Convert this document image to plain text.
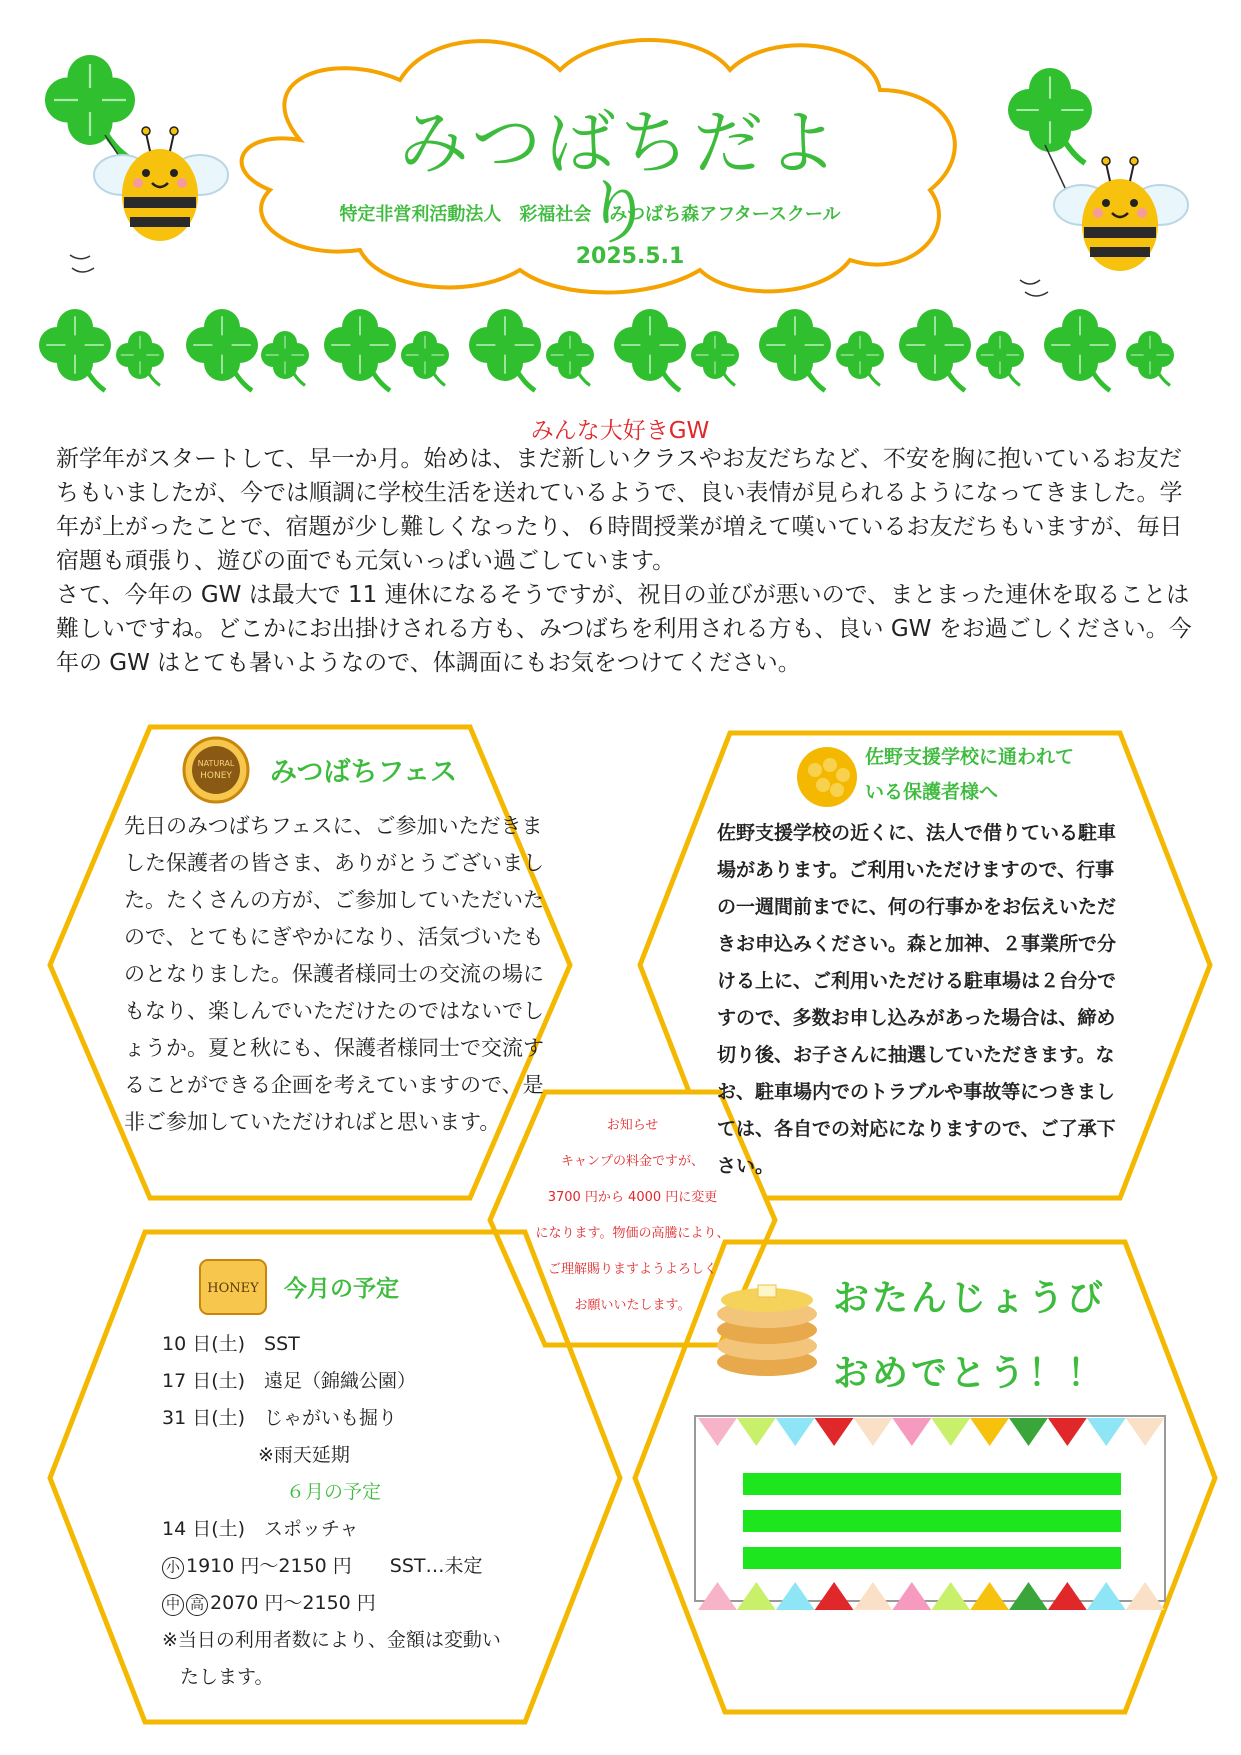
NATURAL
HONEY
HONEY
みつばちだより
特定非営利活動法人　彩福社会　みつばち森アフタースクール
2025.5.1
みんな大好きGW

新学年がスタートして、早一か月。始めは、まだ新しいクラスやお友だちなど、不安を胸に抱いているお友だちもいましたが、今では順調に学校生活を送れているようで、良い表情が見られるようになってきました。学年が上がったことで、宿題が少し難しくなったり、６時間授業が増えて嘆いているお友だちもいますが、毎日宿題も頑張り、遊びの面でも元気いっぱい過ごしています。

さて、今年の GW は最大で 11 連休になるそうですが、祝日の並びが悪いので、まとまった連休を取ることは難しいですね。どこかにお出掛けされる方も、みつばちを利用される方も、良い GW をお過ごしください。今年の GW はとても暑いようなので、体調面にもお気をつけてください。

みつばちフェス
先日のみつばちフェスに、ご参加いただきました保護者の皆さま、ありがとうございました。たくさんの方が、ご参加していただいたので、とてもにぎやかになり、活気づいたものとなりました。保護者様同士の交流の場にもなり、楽しんでいただけたのではないでしょうか。夏と秋にも、保護者様同士で交流することができる企画を考えていますので、是非ご参加していただければと思います。
佐野支援学校に通われて
いる保護者様へ
佐野支援学校の近くに、法人で借りている駐車場があります。ご利用いただけますので、行事の一週間前までに、何の行事かをお伝えいただきお申込みください。森と加神、２事業所で分ける上に、ご利用いただける駐車場は２台分ですので、多数お申し込みがあった場合は、締め切り後、お子さんに抽選していただきます。なお、駐車場内でのトラブルや事故等につきましては、各自での対応になりますので、ご了承下さい。
お知らせ
キャンプの料金ですが、
3700 円から 4000 円に変更
になります。物価の高騰により、
ご理解賜りますようよろしく
お願いいたします。
今月の予定
10 日(土)　SST
17 日(土)　遠足（錦織公園）
31 日(土)　じゃがいも掘り
※雨天延期
６月の予定
14 日(土)　スポッチャ
小 1910 円〜2150 円　　SST…未定
中 高 2070 円〜2150 円
※当日の利用者数により、金額は変動い
たします。
おたんじょうび
おめでとう！！
